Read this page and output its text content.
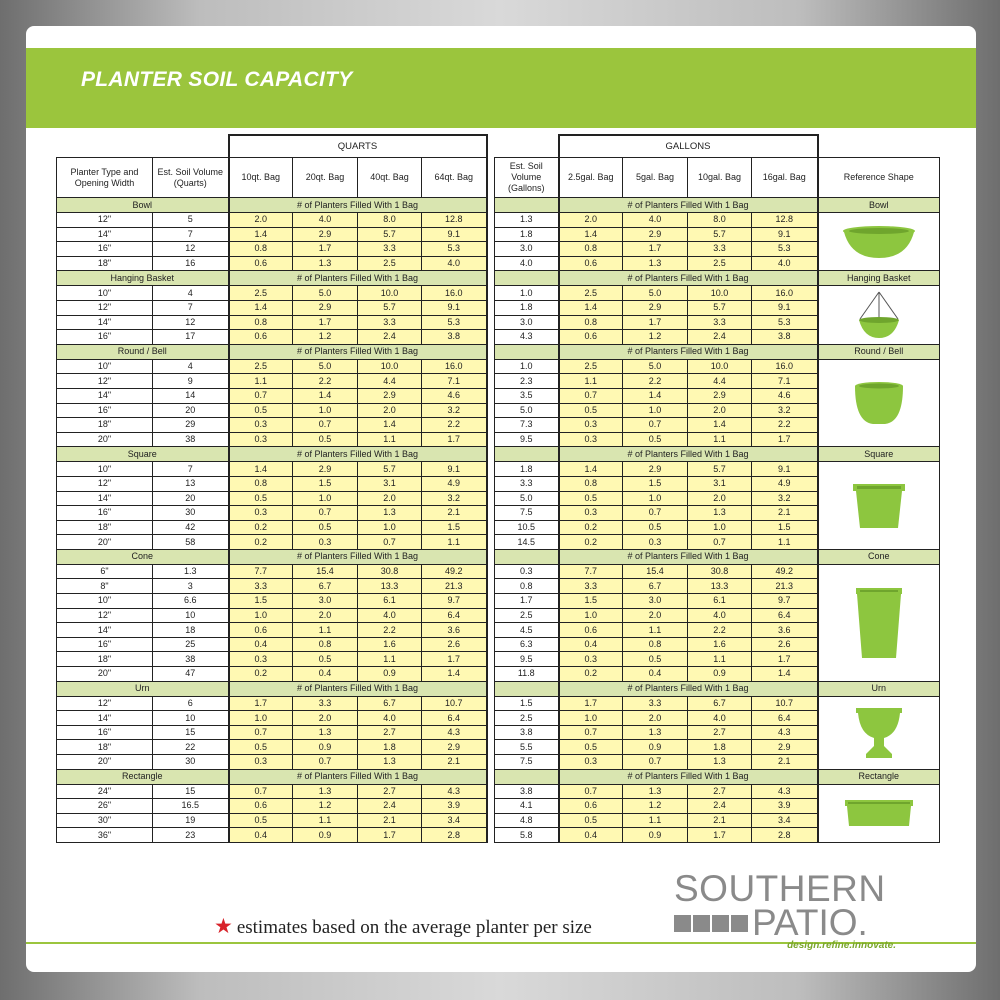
PLANTER SOIL CAPACITY
		QUARTS						GALLONS				
Planter Type and Opening Width	Est. Soil Volume (Quarts)	10qt. Bag	20qt. Bag	40qt. Bag	64qt. Bag		Est. Soil Volume (Gallons)	2.5gal. Bag	5gal. Bag	10gal. Bag	16gal. Bag	Reference Shape
Bowl		# of Planters Filled With 1 Bag						# of Planters Filled With 1 Bag				Bowl
12"	5	2.0	4.0	8.0	12.8		1.3	2.0	4.0	8.0	12.8	

14"	7	1.4	2.9	5.7	9.1		1.8	1.4	2.9	5.7	9.1	
16"	12	0.8	1.7	3.3	5.3		3.0	0.8	1.7	3.3	5.3	
18"	16	0.6	1.3	2.5	4.0		4.0	0.6	1.3	2.5	4.0	
Hanging Basket		# of Planters Filled With 1 Bag						# of Planters Filled With 1 Bag				Hanging Basket
10"	4	2.5	5.0	10.0	16.0		1.0	2.5	5.0	10.0	16.0	

12"	7	1.4	2.9	5.7	9.1		1.8	1.4	2.9	5.7	9.1	
14"	12	0.8	1.7	3.3	5.3		3.0	0.8	1.7	3.3	5.3	
16"	17	0.6	1.2	2.4	3.8		4.3	0.6	1.2	2.4	3.8	
Round / Bell		# of Planters Filled With 1 Bag						# of Planters Filled With 1 Bag				Round / Bell
10"	4	2.5	5.0	10.0	16.0		1.0	2.5	5.0	10.0	16.0	

12"	9	1.1	2.2	4.4	7.1		2.3	1.1	2.2	4.4	7.1	
14"	14	0.7	1.4	2.9	4.6		3.5	0.7	1.4	2.9	4.6	
16"	20	0.5	1.0	2.0	3.2		5.0	0.5	1.0	2.0	3.2	
18"	29	0.3	0.7	1.4	2.2		7.3	0.3	0.7	1.4	2.2	
20"	38	0.3	0.5	1.1	1.7		9.5	0.3	0.5	1.1	1.7	
Square		# of Planters Filled With 1 Bag						# of Planters Filled With 1 Bag				Square
10"	7	1.4	2.9	5.7	9.1		1.8	1.4	2.9	5.7	9.1	

12"	13	0.8	1.5	3.1	4.9		3.3	0.8	1.5	3.1	4.9	
14"	20	0.5	1.0	2.0	3.2		5.0	0.5	1.0	2.0	3.2	
16"	30	0.3	0.7	1.3	2.1		7.5	0.3	0.7	1.3	2.1	
18"	42	0.2	0.5	1.0	1.5		10.5	0.2	0.5	1.0	1.5	
20"	58	0.2	0.3	0.7	1.1		14.5	0.2	0.3	0.7	1.1	
Cone		# of Planters Filled With 1 Bag						# of Planters Filled With 1 Bag				Cone
6"	1.3	7.7	15.4	30.8	49.2		0.3	7.7	15.4	30.8	49.2	

8"	3	3.3	6.7	13.3	21.3		0.8	3.3	6.7	13.3	21.3	
10"	6.6	1.5	3.0	6.1	9.7		1.7	1.5	3.0	6.1	9.7	
12"	10	1.0	2.0	4.0	6.4		2.5	1.0	2.0	4.0	6.4	
14"	18	0.6	1.1	2.2	3.6		4.5	0.6	1.1	2.2	3.6	
16"	25	0.4	0.8	1.6	2.6		6.3	0.4	0.8	1.6	2.6	
18"	38	0.3	0.5	1.1	1.7		9.5	0.3	0.5	1.1	1.7	
20"	47	0.2	0.4	0.9	1.4		11.8	0.2	0.4	0.9	1.4	
Urn		# of Planters Filled With 1 Bag						# of Planters Filled With 1 Bag				Urn
12"	6	1.7	3.3	6.7	10.7		1.5	1.7	3.3	6.7	10.7	

14"	10	1.0	2.0	4.0	6.4		2.5	1.0	2.0	4.0	6.4	
16"	15	0.7	1.3	2.7	4.3		3.8	0.7	1.3	2.7	4.3	
18"	22	0.5	0.9	1.8	2.9		5.5	0.5	0.9	1.8	2.9	
20"	30	0.3	0.7	1.3	2.1		7.5	0.3	0.7	1.3	2.1	
Rectangle		# of Planters Filled With 1 Bag						# of Planters Filled With 1 Bag				Rectangle
24"	15	0.7	1.3	2.7	4.3		3.8	0.7	1.3	2.7	4.3	

26"	16.5	0.6	1.2	2.4	3.9		4.1	0.6	1.2	2.4	3.9	
30"	19	0.5	1.1	2.1	3.4		4.8	0.5	1.1	2.1	3.4	
36"	23	0.4	0.9	1.7	2.8		5.8	0.4	0.9	1.7	2.8	
★ estimates based on the average planter per size
SOUTHERN
PATIO.
design.refine.innovate.
